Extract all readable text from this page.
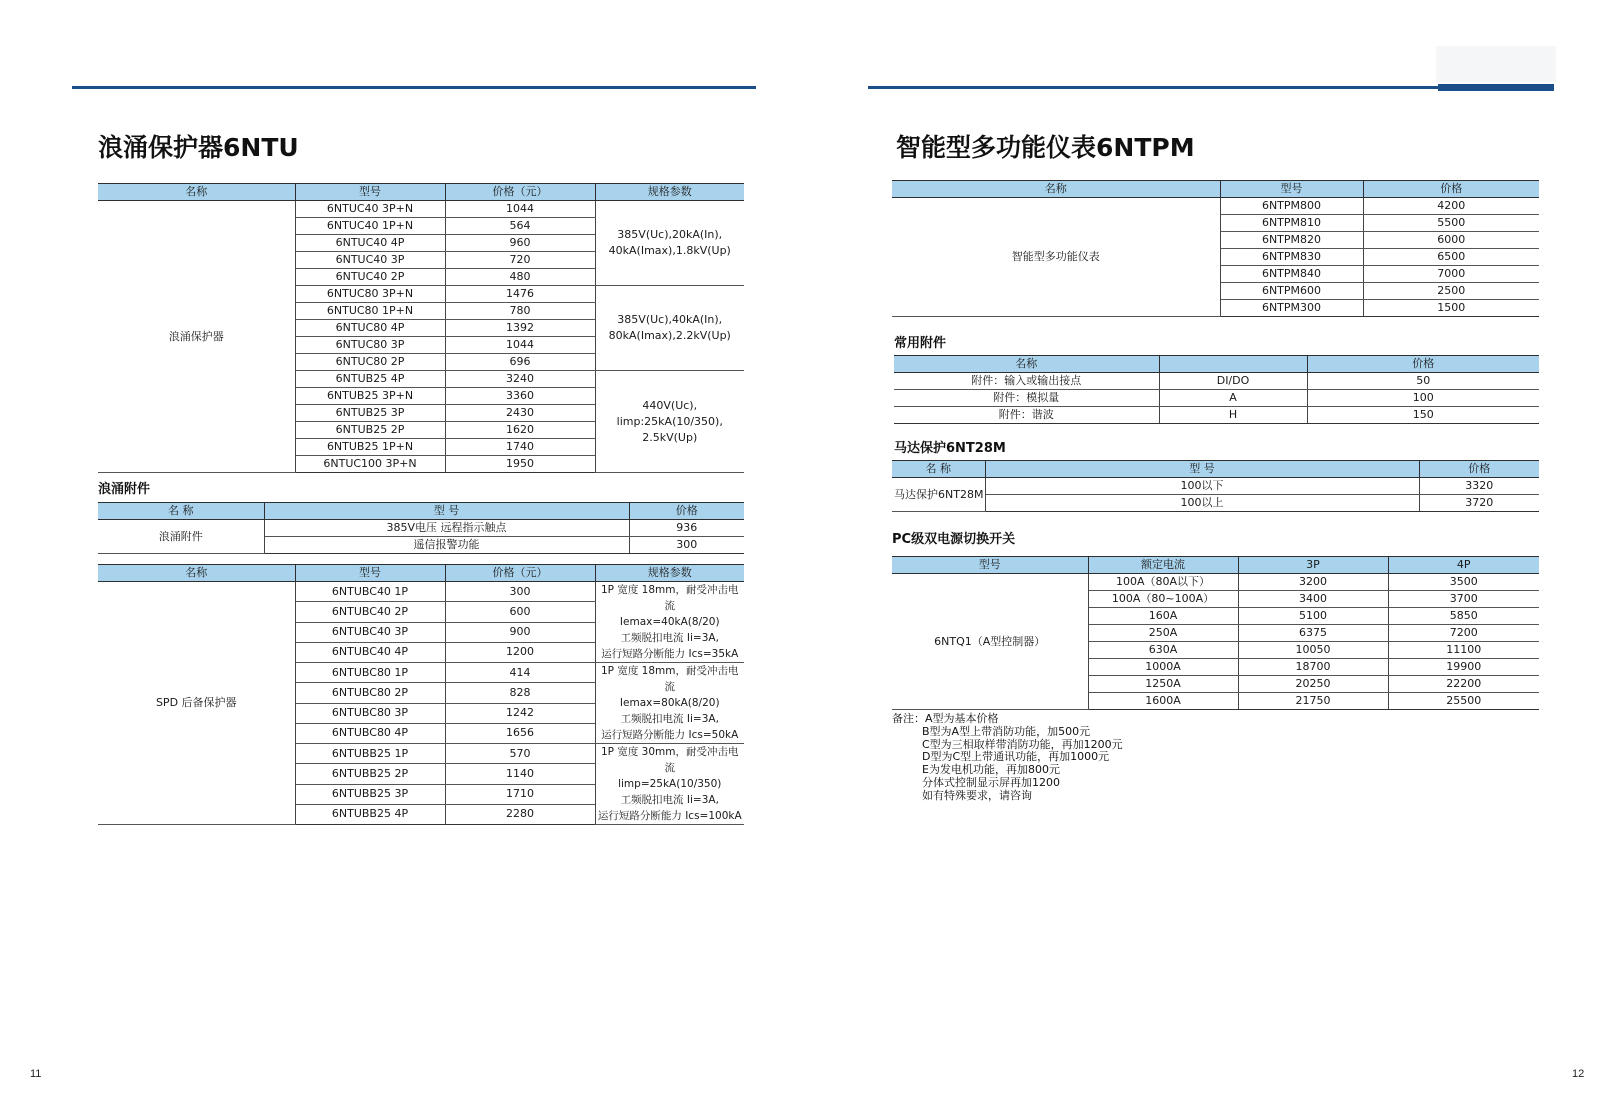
浪涌保护器6NTU
名称	型号	价格（元）	规格参数
浪涌保护器	6NTUC40 3P+N	1044	385V(Uc),20kA(In),
40kA(Imax),1.8kV(Up)

	6NTUC40 1P+N	564	
	6NTUC40 4P	960	
	6NTUC40 3P	720	
	6NTUC40 2P	480	
	6NTUC80 3P+N	1476	385V(Uc),40kA(In),
80kA(Imax),2.2kV(Up)

	6NTUC80 1P+N	780	
	6NTUC80 4P	1392	
	6NTUC80 3P	1044	
	6NTUC80 2P	696	
	6NTUB25 4P	3240	440V(Uc),
limp:25kA(10/350),
2.5kV(Up)

	6NTUB25 3P+N	3360	
	6NTUB25 3P	2430	
	6NTUB25 2P	1620	
	6NTUB25 1P+N	1740	
	6NTUC100 3P+N	1950	
浪涌附件
名 称	型 号	价格
浪涌附件	385V电压 远程指示触点	936
	遥信报警功能	300
名称	型号	价格（元）	规格参数
SPD 后备保护器	6NTUBC40 1P	300	1P 宽度 18mm，耐受冲击电流
Iemax=40kA(8/20)
工频脱扣电流 Ii=3A,
运行短路分断能力 Ics=35kA

	6NTUBC40 2P	600	
	6NTUBC40 3P	900	
	6NTUBC40 4P	1200	
	6NTUBC80 1P	414	1P 宽度 18mm，耐受冲击电流
Iemax=80kA(8/20)
工频脱扣电流 Ii=3A,
运行短路分断能力 Ics=50kA

	6NTUBC80 2P	828	
	6NTUBC80 3P	1242	
	6NTUBC80 4P	1656	
	6NTUBB25 1P	570	1P 宽度 30mm，耐受冲击电流
limp=25kA(10/350)
工频脱扣电流 Ii=3A,
运行短路分断能力 Ics=100kA

	6NTUBB25 2P	1140	
	6NTUBB25 3P	1710	
	6NTUBB25 4P	2280	
11
智能型多功能仪表6NTPM
名称	型号	价格
智能型多功能仪表	6NTPM800	4200
	6NTPM810	5500
	6NTPM820	6000
	6NTPM830	6500
	6NTPM840	7000
	6NTPM600	2500
	6NTPM300	1500
常用附件
名称		价格
附件：输入或输出接点	DI/DO	50
附件：模拟量	A	100
附件：谐波	H	150
马达保护6NT28M
名 称	型 号	价格
马达保护6NT28M	100以下	3320
	100以上	3720
PC级双电源切换开关
型号	额定电流	3P	4P
6NTQ1（A型控制器）	100A（80A以下）	3200	3500
	100A（80~100A）	3400	3700
	160A	5100	5850
	250A	6375	7200
	630A	10050	11100
	1000A	18700	19900
	1250A	20250	22200
	1600A	21750	25500
备注：A型为基本价格
B型为A型上带消防功能，加500元
C型为三相取样带消防功能，再加1200元
D型为C型上带通讯功能，再加1000元
E为发电机功能，再加800元
分体式控制显示屏再加1200
如有特殊要求，请咨询
12
